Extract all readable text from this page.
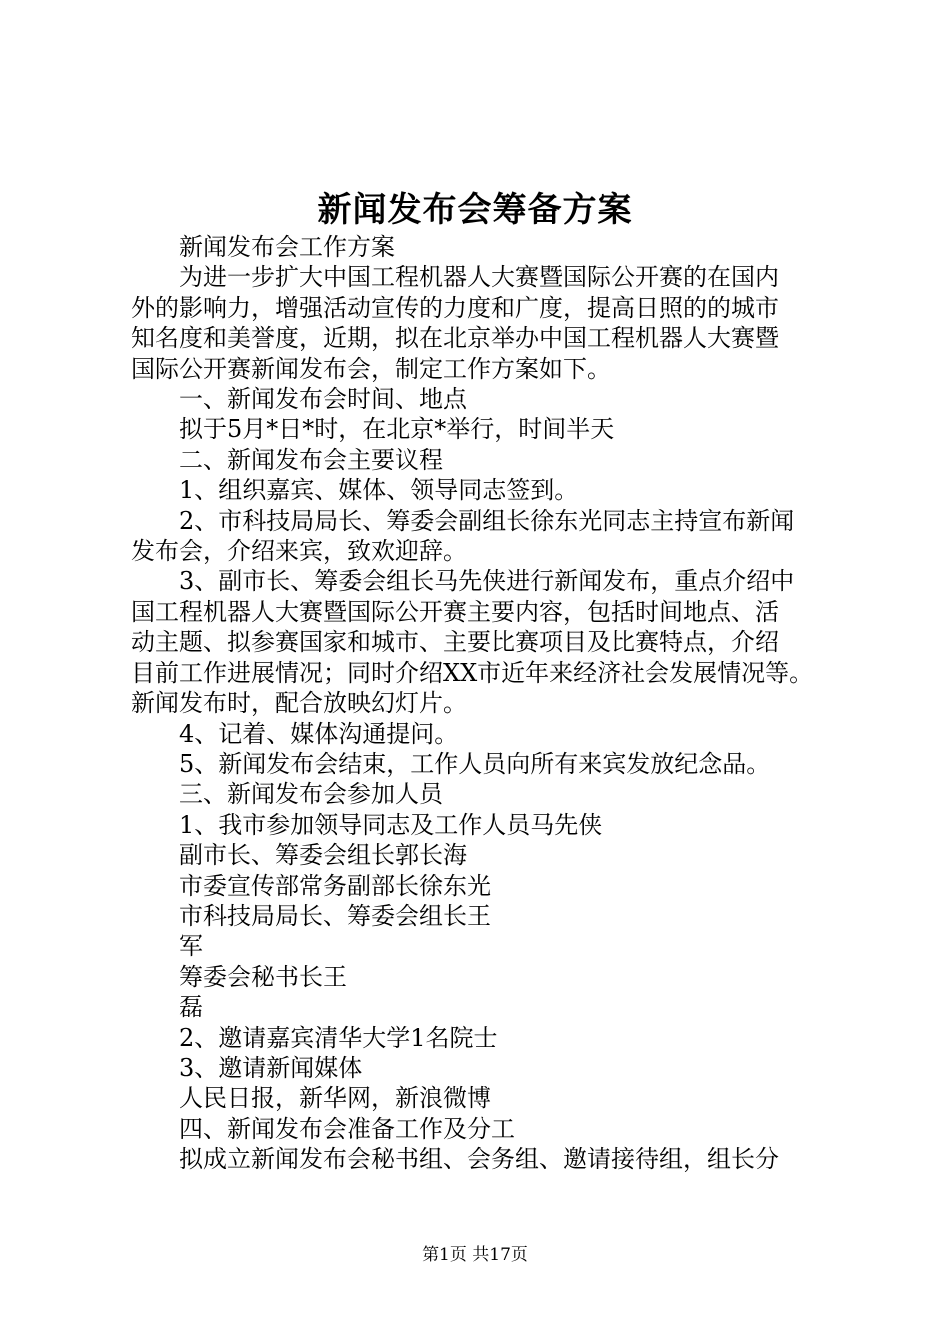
新闻发布会筹备方案

新闻发布会工作方案

为进一步扩大中国工程机器人大赛暨国际公开赛的在国内

外的影响力，增强活动宣传的力度和广度，提高日照的的城市

知名度和美誉度，近期，拟在北京举办中国工程机器人大赛暨

国际公开赛新闻发布会，制定工作方案如下。

一、新闻发布会时间、地点

拟于5月*日*时，在北京*举行，时间半天

二、新闻发布会主要议程

1、组织嘉宾、媒体、领导同志签到。

2、市科技局局长、筹委会副组长徐东光同志主持宣布新闻

发布会，介绍来宾，致欢迎辞。

3、副市长、筹委会组长马先侠进行新闻发布，重点介绍中

国工程机器人大赛暨国际公开赛主要内容，包括时间地点、活

动主题、拟参赛国家和城市、主要比赛项目及比赛特点，介绍

目前工作进展情况；同时介绍XX市近年来经济社会发展情况等。

新闻发布时，配合放映幻灯片。

4、记着、媒体沟通提问。

5、新闻发布会结束，工作人员向所有来宾发放纪念品。

三、新闻发布会参加人员

1、我市参加领导同志及工作人员马先侠

副市长、筹委会组长郭长海

市委宣传部常务副部长徐东光

市科技局局长、筹委会组长王

军

筹委会秘书长王

磊

2、邀请嘉宾清华大学1名院士

3、邀请新闻媒体

人民日报，新华网，新浪微博

四、新闻发布会准备工作及分工

拟成立新闻发布会秘书组、会务组、邀请接待组，组长分

第1页 共17页
